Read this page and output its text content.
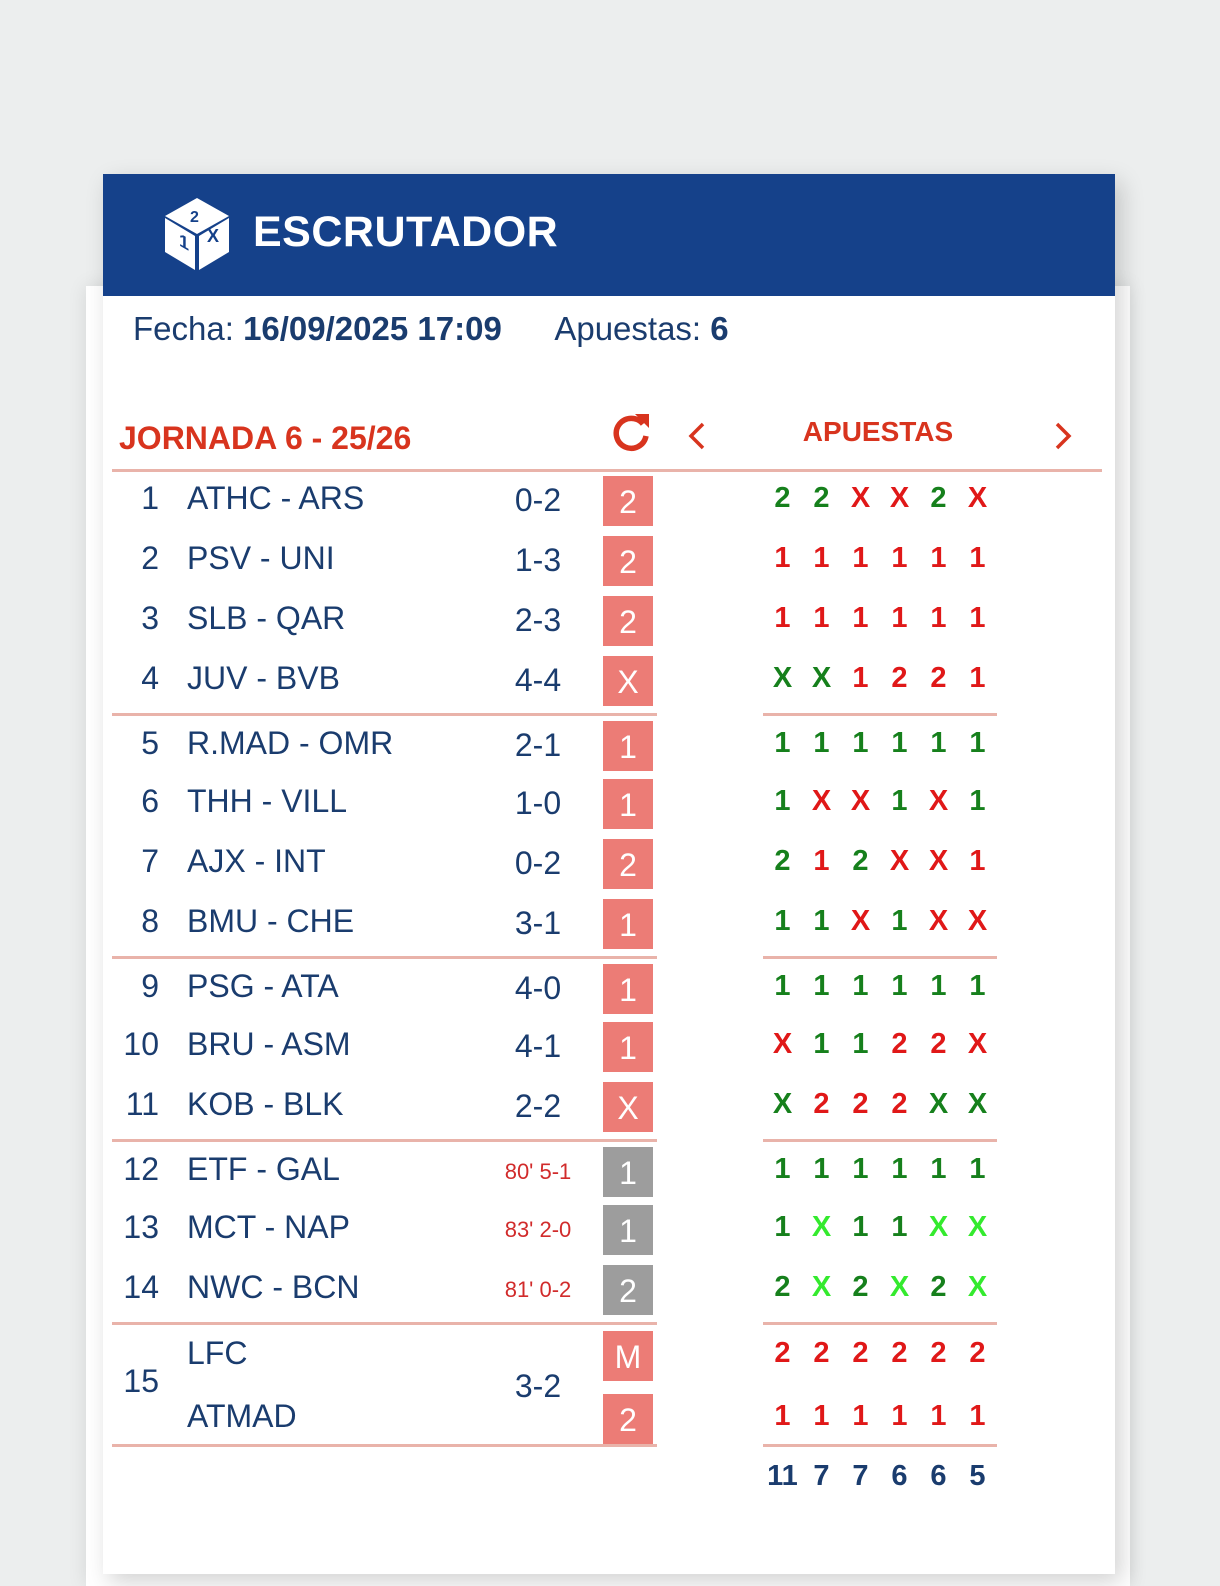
1 X
2 ESCRUTADOR
Fecha: 16/09/2025 17:09 Apuestas: 6
JORNADA 6 - 25/26	APUESTAS
1 ATHC - ARS	0-2	2	2 2 X X 2 X
2 PSV - UNI	1-3	2	1 1 1 1 1 1
3 SLB - QAR	2-3	2	1 1 1 1 1 1
4 JUV - BVB	4-4	X	X X 1 2 2 1
5 R.MAD - OMR	2-1	1	1 1 1 1 1 1
6 THH - VILL	1-0	1	1 X X 1 X 1
7 AJX - INT	0-2	2	2 1 2 X X 1
8 BMU - CHE	3-1	1	1 1 X 1 X X
9 PSG - ATA	4-0	1	1 1 1 1 1 1
10 BRU - ASM	4-1	1	X 1 1 2 2 X
11 KOB - BLK	2-2	X	X 2 2 2 X X
12 ETF - GAL	80' 5-1	1	1 1 1 1 1 1
13 MCT - NAP	83' 2-0	1	1 X 1 1 X X
14 NWC - BCN	81' 0-2	2	2 X 2 X 2 X
15	3-2
LFC	M	2 2 2 2 2 2
ATMAD	2	1 1 1 1 1 1
11 7 7 6 6 5
